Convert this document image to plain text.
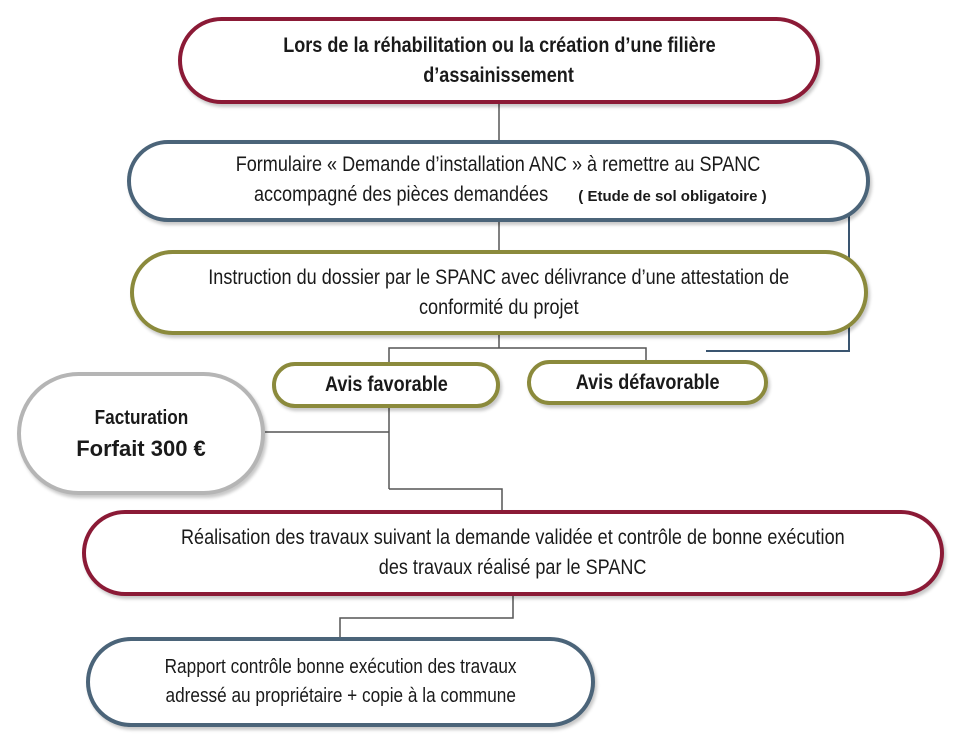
Lors de la réhabilitation ou la création d’une filière
d’assainissement
Formulaire « Demande d’installation ANC » à remettre au SPANC
accompagné des pièces demandées ( Etude de sol obligatoire )
Instruction du dossier par le SPANC avec délivrance d’une attestation de
conformité du projet
Avis favorable	Avis défavorable
Facturation
Forfait 300 €
Réalisation des travaux suivant la demande validée et contrôle de bonne exécution
des travaux réalisé par le SPANC
Rapport contrôle bonne exécution des travaux
adressé au propriétaire + copie à la commune
